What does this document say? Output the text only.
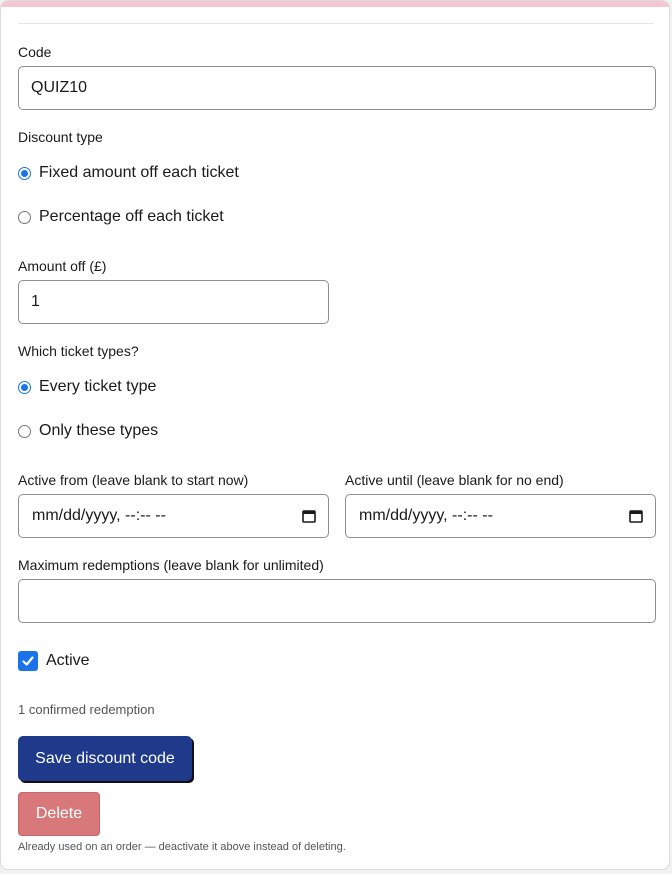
Code
QUIZ10
Discount type
Fixed amount off each ticket
Percentage off each ticket
Amount off (£)
1
Which ticket types?
Every ticket type
Only these types
Active from (leave blank to start now)
mm/dd/yyyy, --:-- --
Active until (leave blank for no end)
mm/dd/yyyy, --:-- --
Maximum redemptions (leave blank for unlimited)
Active
1 confirmed redemption
Save discount code
Delete
Already used on an order — deactivate it above instead of deleting.
